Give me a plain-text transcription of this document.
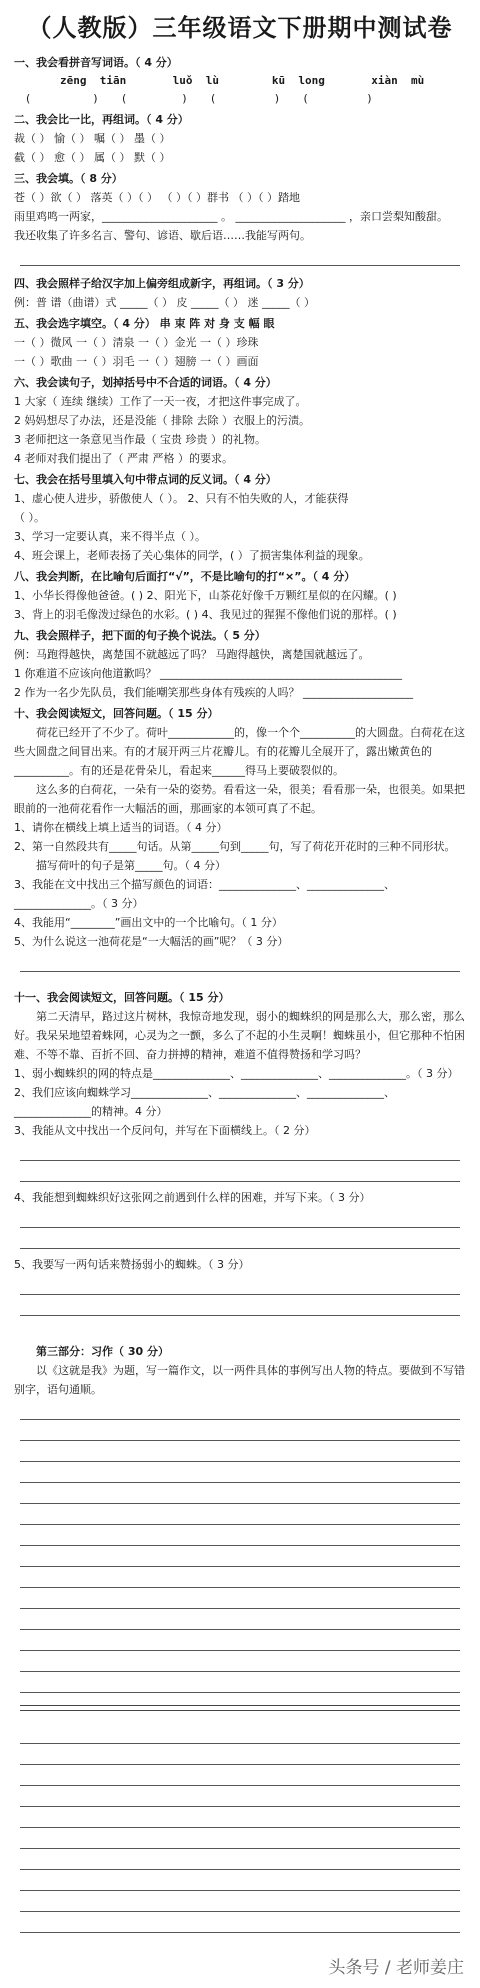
（人教版）三年级语文下册期中测试卷
一、我会看拼音写词语。（ 4 分）
zēng  tiān       luǒ  lù        kū  long       xiàn  mù
(                  )       (                )       (                 )       (                 )
二、我会比一比，再组词。（ 4 分）
裁（ ） 愉（ ） 嘱（ ） 墨（ ）
截（ ） 愈（ ） 属（ ） 默（ ）
三、我会填。（ 8 分）
苍（ ）欲（ ） 落英（ ）（ ） （ ）（ ）群书 （ ）（ ）踏地
雨里鸡鸣一两家，_____________________ 。 ____________________ ，亲口尝梨知酸甜。
我还收集了许多名言、警句、谚语、歇后语……我能写两句。
四、我会照样子给汉字加上偏旁组成新字，再组词。（ 3 分）
例：普 谱（曲谱）式 _____（ ） 皮 _____（ ） 迷 _____（ ）
五、我会选字填空。（ 4 分） 串 束 阵 对 身 支 幅 眼
一（ ）微风 一（ ）清泉 一（ ）金光 一（ ）珍珠
一（ ）歌曲 一（ ）羽毛 一（ ）翅膀 一（ ）画面
六、我会读句子，划掉括号中不合适的词语。（ 4 分）
1 大家（ 连续 继续）工作了一天一夜，才把这件事完成了。
2 妈妈想尽了办法，还是没能（ 排除 去除 ）衣服上的污渍。
3 老师把这一条意见当作最（ 宝贵 珍贵 ）的礼物。
4 老师对我们提出了（ 严肃 严格 ）的要求。
七、我会在括号里填入句中带点词的反义词。（ 4 分）
1、虚心使人进步，骄傲使人（ ）。 2、只有不怕失败的人，才能获得
（ ）。
3、学习一定要认真，来不得半点（ ）。
4、班会课上，老师表扬了关心集体的同学，( ）了损害集体利益的现象。
八、我会判断，在比喻句后面打“√”，不是比喻句的打“×”。（ 4 分）
1、小华长得像他爸爸。( ) 2、阳光下，山茶花好像千万颗红星似的在闪耀。( )
3、背上的羽毛像泼过绿色的水彩。( ) 4、我见过的猩猩不像他们说的那样。( )
九、我会照样子，把下面的句子换个说法。（ 5 分）
例：马跑得越快，离楚国不就越远了吗？ 马跑得越快，离楚国就越远了。
1 你难道不应该向他道歉吗？ ____________________________________________
2 作为一名少先队员，我们能嘲笑那些身体有残疾的人吗？ ____________________
十、我会阅读短文，回答问题。（ 15 分）
荷花已经开了不少了。荷叶____________的，像一个个__________的大圆盘。白荷花在这些大圆盘之间冒出来。有的才展开两三片花瓣儿。有的花瓣儿全展开了，露出嫩黄色的__________。有的还是花骨朵儿，看起来______得马上要破裂似的。
这么多的白荷花，一朵有一朵的姿势。看看这一朵，很美；看看那一朵，也很美。如果把眼前的一池荷花看作一大幅活的画，那画家的本领可真了不起。
1、请你在横线上填上适当的词语。（ 4 分）
2、第一自然段共有_____句话。从第_____句到_____句，写了荷花开花时的三种不同形状。
描写荷叶的句子是第_____句。（ 4 分）
3、我能在文中找出三个描写颜色的词语：______________、______________、______________。（ 3 分）
4、我能用“________”画出文中的一个比喻句。（ 1 分）
5、为什么说这一池荷花是“一大幅活的画”呢？（ 3 分）
十一、我会阅读短文，回答问题。（ 15 分）
第二天清早，路过这片树林，我惊奇地发现，弱小的蜘蛛织的网是那么大，那么密，那么好。我呆呆地望着蛛网，心灵为之一颤，多么了不起的小生灵啊！蜘蛛虽小，但它那种不怕困难、不等不靠、百折不回、奋力拼搏的精神，难道不值得赞扬和学习吗？
1、弱小蜘蛛织的网的特点是______________、______________、______________。（ 3 分）
2、我们应该向蜘蛛学习______________、______________、______________、______________的精神。4 分）
3、我能从文中找出一个反问句，并写在下面横线上。（ 2 分）
4、我能想到蜘蛛织好这张网之前遇到什么样的困难，并写下来。（ 3 分）
5、我要写一两句话来赞扬弱小的蜘蛛。（ 3 分）
第三部分：习作（ 30 分）
以《这就是我》为题，写一篇作文，以一两件具体的事例写出人物的特点。要做到不写错别字，语句通顺。
头条号 / 老师姜庄
